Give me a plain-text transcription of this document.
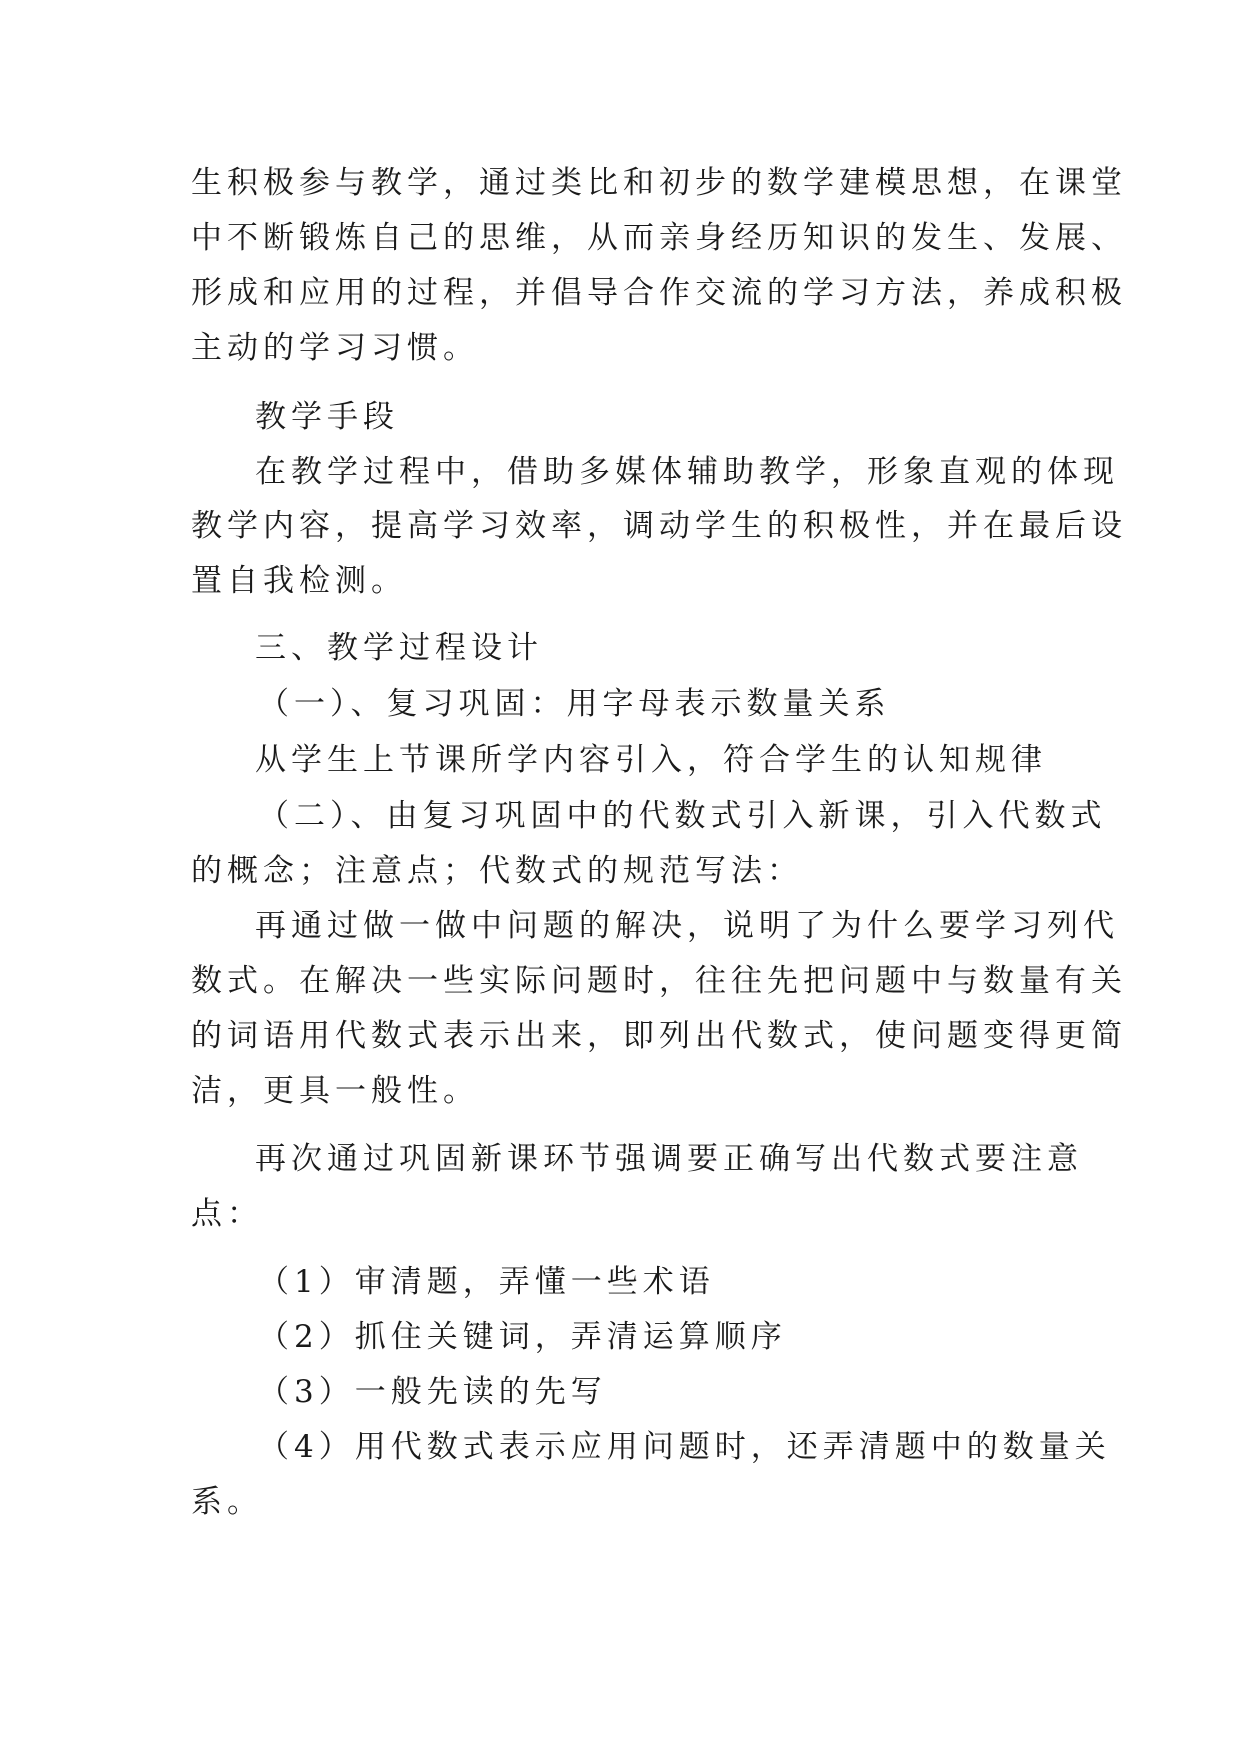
生积极参与教学，通过类比和初步的数学建模思想，在课堂
中不断锻炼自己的思维，从而亲身经历知识的发生、发展、
形成和应用的过程，并倡导合作交流的学习方法，养成积极
主动的学习习惯。
教学手段
在教学过程中，借助多媒体辅助教学，形象直观的体现
教学内容，提高学习效率，调动学生的积极性，并在最后设
置自我检测。
三、教学过程设计
（一）、复习巩固：用字母表示数量关系
从学生上节课所学内容引入，符合学生的认知规律
（二）、由复习巩固中的代数式引入新课，引入代数式
的概念；注意点；代数式的规范写法：
再通过做一做中问题的解决，说明了为什么要学习列代
数式。在解决一些实际问题时，往往先把问题中与数量有关
的词语用代数式表示出来，即列出代数式，使问题变得更简
洁，更具一般性。
再次通过巩固新课环节强调要正确写出代数式要注意
点：
（1）审清题，弄懂一些术语
（2）抓住关键词，弄清运算顺序
（3）一般先读的先写
（4）用代数式表示应用问题时，还弄清题中的数量关
系。
